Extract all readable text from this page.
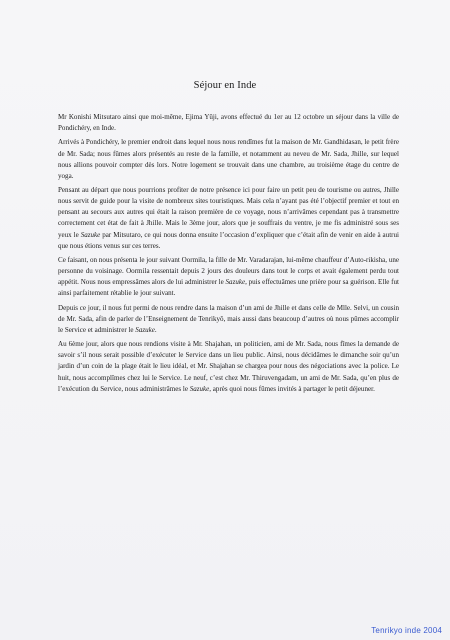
Séjour en Inde

Mr Konishi Mitsutaro ainsi que moi-même, Ejima Yûji, avons effectué du 1er au 12 octobre un séjour dans la ville de Pondichéry, en Inde.

Arrivés à Pondichéry, le premier endroit dans lequel nous nous rendîmes fut la maison de Mr. Gandhidasan, le petit frère de Mr. Sada; nous fûmes alors présentés au reste de la famille, et notamment au neveu de Mr. Sada, Jhille, sur lequel nous allions pouvoir compter dès lors. Notre logement se trouvait dans une chambre, au troisième étage du centre de yoga.

Pensant au départ que nous pourrions profiter de notre présence ici pour faire un petit peu de tourisme ou autres, Jhille nous servit de guide pour la visite de nombreux sites touristiques. Mais cela n’ayant pas été l’objectif premier et tout en pensant au secours aux autres qui était la raison première de ce voyage, nous n’arrivâmes cependant pas à transmettre correctement cet état de fait à Jhille. Mais le 3ème jour, alors que je souffrais du ventre, je me fis administré sous ses yeux le Sazuke par Mitsutaro, ce qui nous donna ensuite l’occasion d’expliquer que c’était afin de venir en aide à autrui que nous étions venus sur ces terres.

Ce faisant, on nous présenta le jour suivant Oormila, la fille de Mr. Varadarajan, lui-même chauffeur d’Auto-rikisha, une personne du voisinage. Oormila ressentait depuis 2 jours des douleurs dans tout le corps et avait également perdu tout appétit. Nous nous empressâmes alors de lui administrer le Sazuke, puis effectuâmes une prière pour sa guérison. Elle fut ainsi parfaitement rétablie le jour suivant.

Depuis ce jour, il nous fut permi de nous rendre dans la maison d’un ami de Jhille et dans celle de Mlle. Selvi, un cousin de Mr. Sada, afin de parler de l’Enseignement de Tenrikyô, mais aussi dans beaucoup d’autres où nous pûmes accomplir le Service et administrer le Sazuke.

Au 6ème jour, alors que nous rendions visite à Mr. Shajahan, un politicien, ami de Mr. Sada, nous fîmes la demande de savoir s’il nous serait possible d’exécuter le Service dans un lieu public. Ainsi, nous décidâmes le dimanche soir qu’un jardin d’un coin de la plage était le lieu idéal, et Mr. Shajahan se chargea pour nous des négociations avec la police. Le huit, nous accomplîmes chez lui le Service. Le neuf, c’est chez Mr. Thiruvengadam, un ami de Mr. Sada, qu’en plus de l’exécution du Service, nous administrâmes le Sazuke, après quoi nous fûmes invités à partager le petit déjeuner.

Tenrikyo inde 2004
